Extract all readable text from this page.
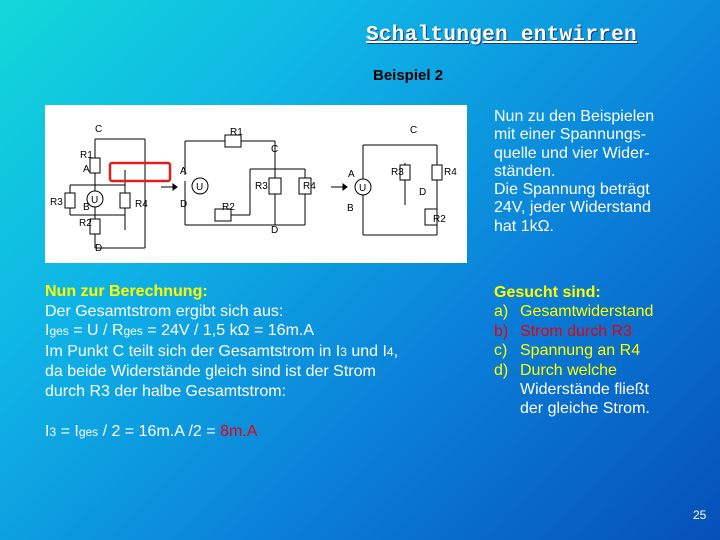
Schaltungen entwirren
Beispiel 2
C
R1
A
R3	R4
B
R2
D
U
R1
C
A
R3	R4
D	R2
D
U
C
A	R3	R4
D
B
R2
U
Nun zu den Beispielen
mit einer Spannungs-
quelle und vier Wider-
ständen.
Die Spannung beträgt
24V, jeder Widerstand
hat 1kΩ.
Nun zur Berechnung:
Der Gesamtstrom ergibt sich aus:
Iges = U / Rges = 24V / 1,5 kΩ = 16m.A
Im Punkt C teilt sich der Gesamtstrom in I3 und I4,
da beide Widerstände gleich sind ist der Strom
durch R3 der halbe Gesamtstrom:
I3 = Iges / 2 = 16m.A /2 = 8m.A
Gesucht sind:
a) Gesamtwiderstand
b) Strom durch R3
c) Spannung an R4
d) Durch welche
Widerstände fließt
der gleiche Strom.
25
